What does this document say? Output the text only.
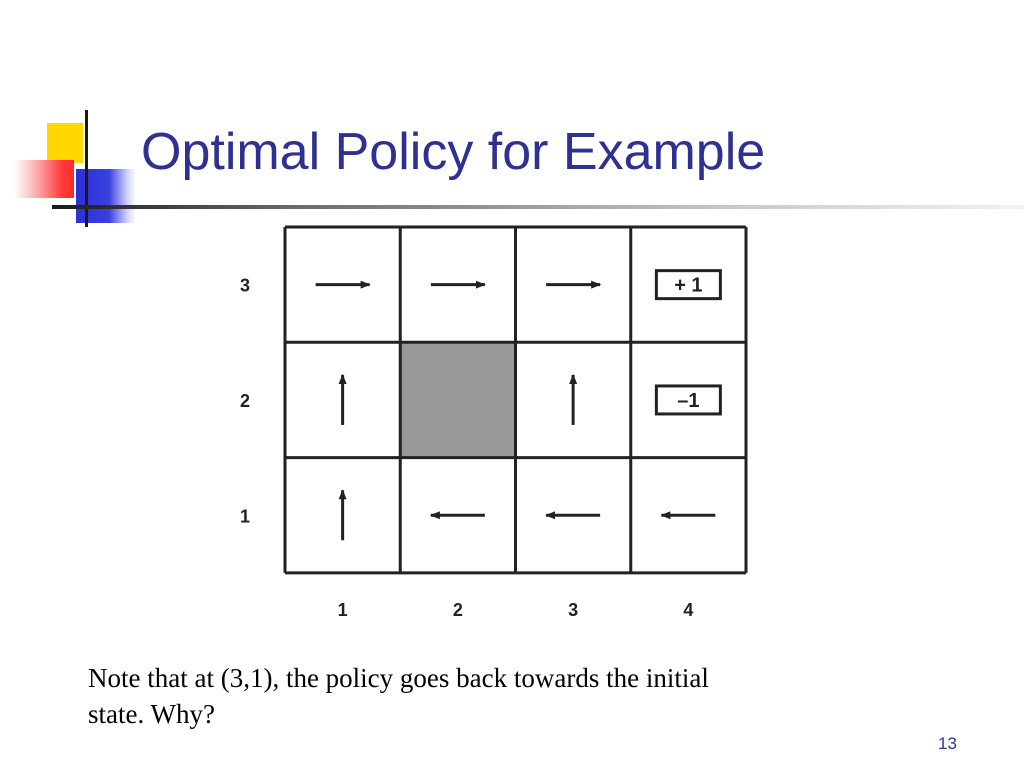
Optimal Policy for Example
+ 1
–1
3
2
1
1	2	3	4

Note that at (3,1), the policy goes back towards the initial
state. Why?

13
